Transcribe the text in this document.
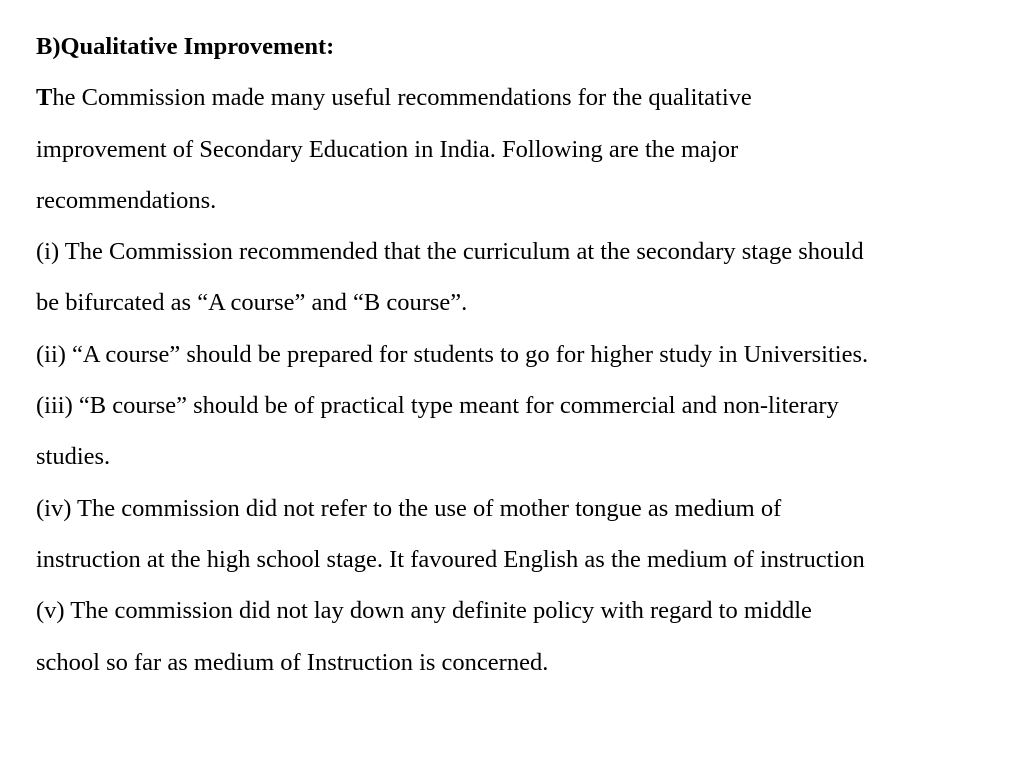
B)Qualitative Improvement:
The Commission made many useful recommendations for the qualitative
improvement of Secondary Education in India. Following are the major
recommendations.
(i) The Commission recommended that the curriculum at the secondary stage should
be bifurcated as “A course” and “B course”.
(ii) “A course” should be prepared for students to go for higher study in Universities.
(iii) “B course” should be of practical type meant for commercial and non-literary
studies.
(iv) The commission did not refer to the use of mother tongue as medium of
instruction at the high school stage. It favoured English as the medium of instruction
(v) The commission did not lay down any definite policy with regard to middle
school so far as medium of Instruction is concerned.
